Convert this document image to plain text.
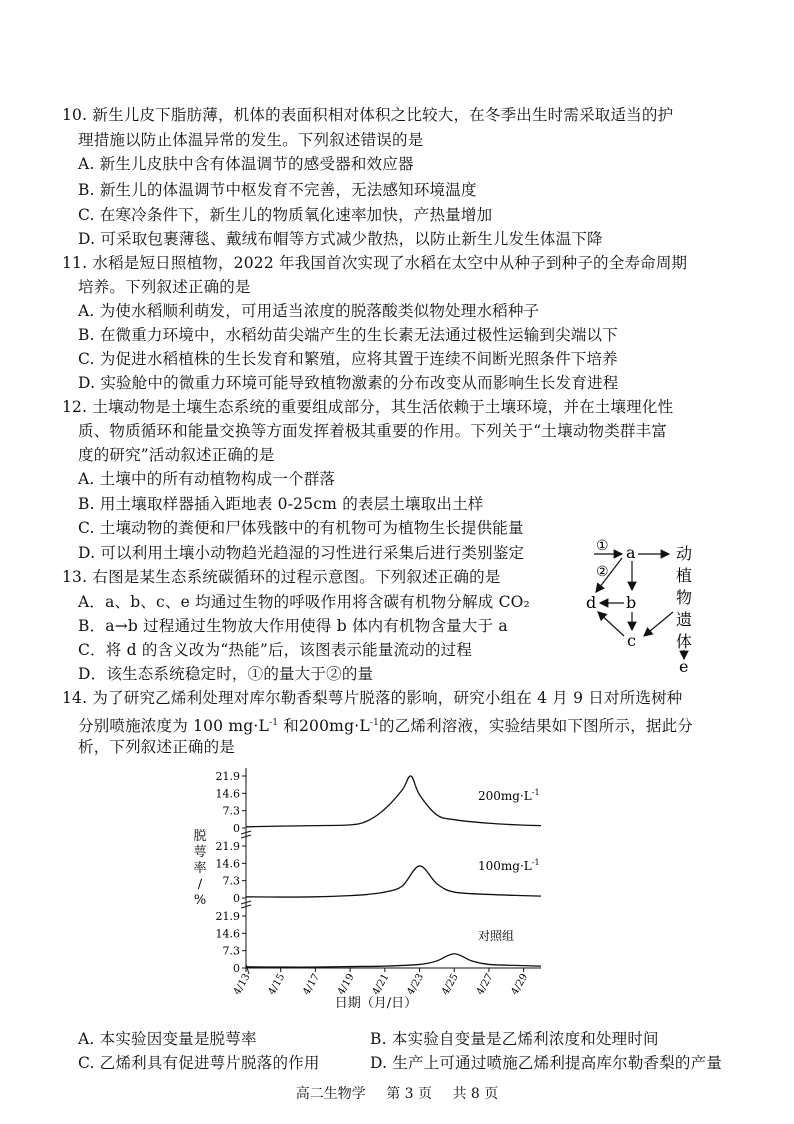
10. 新生儿皮下脂肪薄，机体的表面积相对体积之比较大，在冬季出生时需采取适当的护
理措施以防止体温异常的发生。下列叙述错误的是
A. 新生儿皮肤中含有体温调节的感受器和效应器
B. 新生儿的体温调节中枢发育不完善，无法感知环境温度
C. 在寒冷条件下，新生儿的物质氧化速率加快，产热量增加
D. 可采取包裹薄毯、戴绒布帽等方式减少散热，以防止新生儿发生体温下降
11. 水稻是短日照植物，2022 年我国首次实现了水稻在太空中从种子到种子的全寿命周期
培养。下列叙述正确的是
A. 为使水稻顺利萌发，可用适当浓度的脱落酸类似物处理水稻种子
B. 在微重力环境中，水稻幼苗尖端产生的生长素无法通过极性运输到尖端以下
C. 为促进水稻植株的生长发育和繁殖，应将其置于连续不间断光照条件下培养
D. 实验舱中的微重力环境可能导致植物激素的分布改变从而影响生长发育进程
12. 土壤动物是土壤生态系统的重要组成部分，其生活依赖于土壤环境，并在土壤理化性
质、物质循环和能量交换等方面发挥着极其重要的作用。下列关于“土壤动物类群丰富
度的研究”活动叙述正确的是
A. 土壤中的所有动植物构成一个群落
B. 用土壤取样器插入距地表 0-25cm 的表层土壤取出土样
C. 土壤动物的粪便和尸体残骸中的有机物可为植物生长提供能量
D. 可以利用土壤小动物趋光趋湿的习性进行采集后进行类别鉴定
13. 右图是某生态系统碳循环的过程示意图。下列叙述正确的是
A．a、b、c、e 均通过生物的呼吸作用将含碳有机物分解成 CO₂
B．a→b 过程通过生物放大作用使得 b 体内有机物含量大于 a
C．将 d 的含义改为“热能”后，该图表示能量流动的过程
D．该生态系统稳定时，①的量大于②的量
①
②
a
d b
c
e
动
植
物
遗
体
14. 为了研究乙烯利处理对库尔勒香梨萼片脱落的影响，研究小组在 4 月 9 日对所选树种
分别喷施浓度为 100 $mg\cdot L^{-1}$ 和$200mg\cdot L^{-1}$的乙烯利溶液，实验结果如下图所示，据此分
析，下列叙述正确的是
脱
萼
率
/
%
21.9
14.6
7.3
0
$200mg\cdot L^{-1}$
21.9
14.6
7.3
0
$100mg\cdot L^{-1}$
21.9
14.6
7.3
0
对照组
4/13 4/15 4/17 4/19 4/21 4/23 4/25 4/27 4/29
日期（月/日）
A. 本实验因变量是脱萼率	B. 本实验自变量是乙烯利浓度和处理时间
C. 乙烯利具有促进萼片脱落的作用	D. 生产上可通过喷施乙烯利提高库尔勒香梨的产量
高二生物学 第 3 页 共 8 页
